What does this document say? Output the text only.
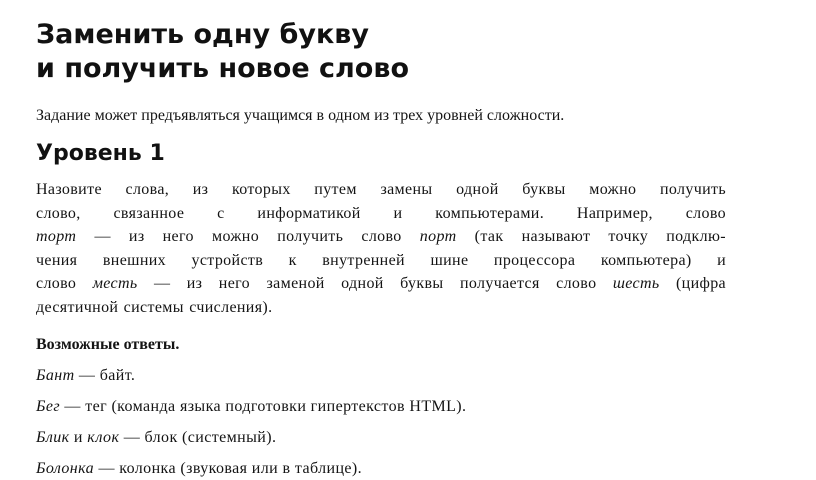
Заменить одну букву
и получить новое слово

Задание может предъявляться учащимся в одном из трех уровней сложности.

Уровень 1
Назовите слова, из которых путем замены одной буквы можно получить
слово, связанное с информатикой и компьютерами. Например, слово
торт — из него можно получить слово порт (так называют точку подклю-
чения внешних устройств к внутренней шине процессора компьютера) и
слово месть — из него заменой одной буквы получается слово шесть (цифра
десятичной системы счисления).

Возможные ответы.

Бант — байт.

Бег — тег (команда языка подготовки гипертекстов HTML).

Блик и клок — блок (системный).

Болонка — колонка (звуковая или в таблице).
